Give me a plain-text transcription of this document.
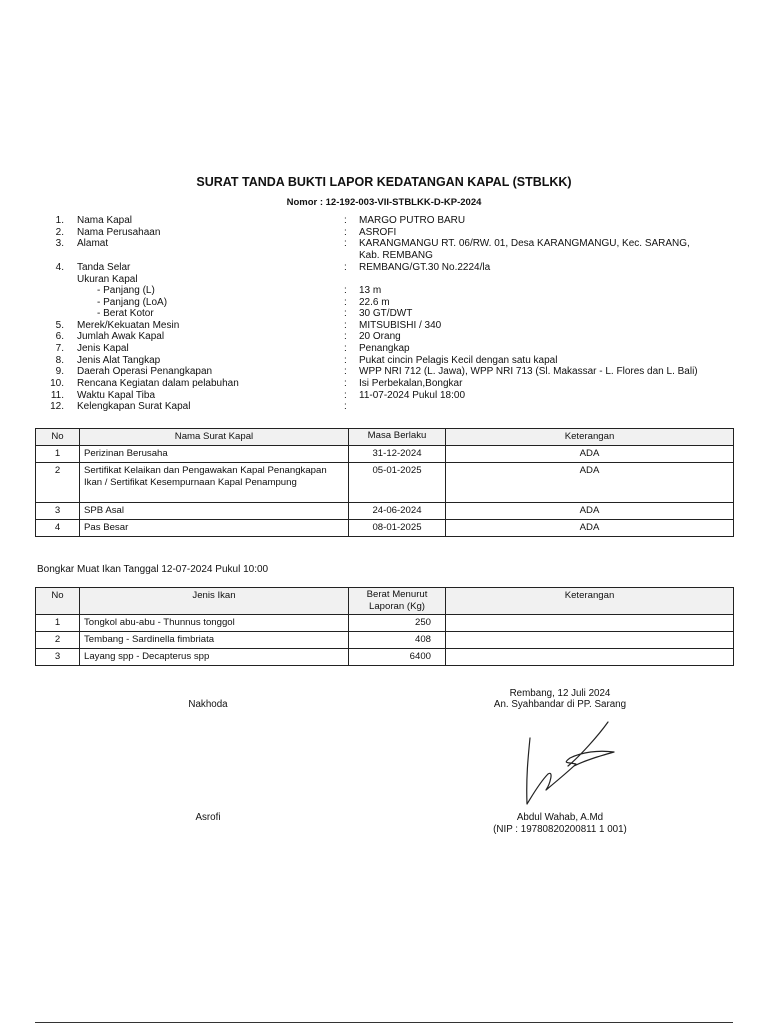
SURAT TANDA BUKTI LAPOR KEDATANGAN KAPAL (STBLKK)
Nomor : 12-192-003-VII-STBLKK-D-KP-2024
1. Nama Kapal	: MARGO PUTRO BARU
2. Nama Perusahaan	: ASROFI
3. Alamat	: KARANGMANGU RT. 06/RW. 01, Desa KARANGMANGU, Kec. SARANG,
Kab. REMBANG
4. Tanda Selar	: REMBANG/GT.30 No.2224/la
Ukuran Kapal
- Panjang (L)	: 13 m
- Panjang (LoA)	: 22.6 m
- Berat Kotor	: 30 GT/DWT
5. Merek/Kekuatan Mesin	: MITSUBISHI / 340
6. Jumlah Awak Kapal	: 20 Orang
7. Jenis Kapal	: Penangkap
8. Jenis Alat Tangkap	: Pukat cincin Pelagis Kecil dengan satu kapal
9. Daerah Operasi Penangkapan	: WPP NRI 712 (L. Jawa), WPP NRI 713 (Sl. Makassar - L. Flores dan L. Bali)
10. Rencana Kegiatan dalam pelabuhan	: Isi Perbekalan,Bongkar
11. Waktu Kapal Tiba	: 11-07-2024 Pukul 18:00
12. Kelengkapan Surat Kapal	:
No	Nama Surat Kapal	Masa Berlaku	Keterangan
1	Perizinan Berusaha	31-12-2024	ADA
2	Sertifikat Kelaikan dan Pengawakan Kapal Penangkapan Ikan / Sertifikat Kesempurnaan Kapal Penampung	05-01-2025	ADA
3	SPB Asal	24-06-2024	ADA
4	Pas Besar	08-01-2025	ADA
Bongkar Muat Ikan Tanggal 12-07-2024 Pukul 10:00
No	Jenis Ikan	Berat Menurut Laporan (Kg)	Keterangan
1	Tongkol abu-abu - Thunnus tonggol	250	
2	Tembang - Sardinella fimbriata	408	
3	Layang spp - Decapterus spp	6400	
Nakhoda
Asrofi
Rembang, 12 Juli 2024
An. Syahbandar di PP. Sarang
Abdul Wahab, A.Md
(NIP : 19780820200811 1 001)
